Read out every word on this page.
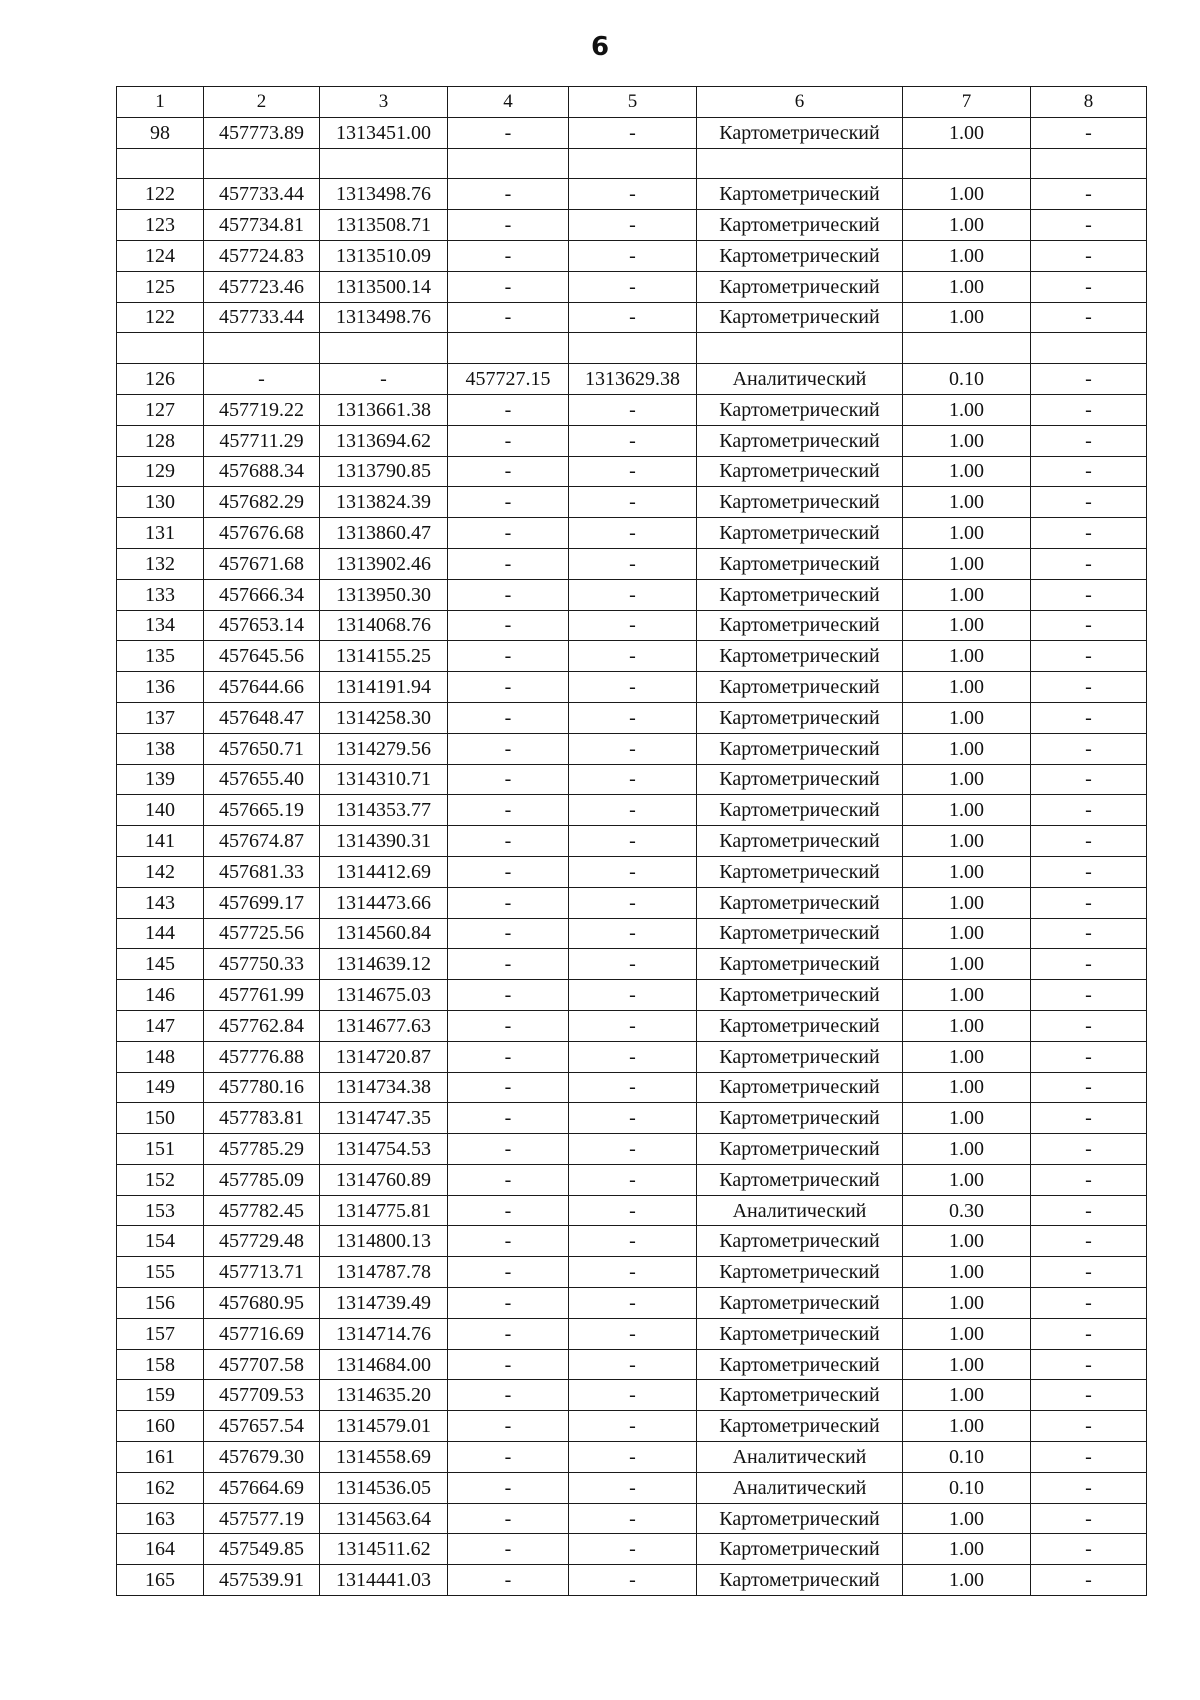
6
1	2	3	4	5	6	7	8
98	457773.89	1313451.00	-	-	Картометрический	1.00	-

122	457733.44	1313498.76	-	-	Картометрический	1.00	-
123	457734.81	1313508.71	-	-	Картометрический	1.00	-
124	457724.83	1313510.09	-	-	Картометрический	1.00	-
125	457723.46	1313500.14	-	-	Картометрический	1.00	-
122	457733.44	1313498.76	-	-	Картометрический	1.00	-

126	-	-	457727.15	1313629.38	Аналитический	0.10	-
127	457719.22	1313661.38	-	-	Картометрический	1.00	-
128	457711.29	1313694.62	-	-	Картометрический	1.00	-
129	457688.34	1313790.85	-	-	Картометрический	1.00	-
130	457682.29	1313824.39	-	-	Картометрический	1.00	-
131	457676.68	1313860.47	-	-	Картометрический	1.00	-
132	457671.68	1313902.46	-	-	Картометрический	1.00	-
133	457666.34	1313950.30	-	-	Картометрический	1.00	-
134	457653.14	1314068.76	-	-	Картометрический	1.00	-
135	457645.56	1314155.25	-	-	Картометрический	1.00	-
136	457644.66	1314191.94	-	-	Картометрический	1.00	-
137	457648.47	1314258.30	-	-	Картометрический	1.00	-
138	457650.71	1314279.56	-	-	Картометрический	1.00	-
139	457655.40	1314310.71	-	-	Картометрический	1.00	-
140	457665.19	1314353.77	-	-	Картометрический	1.00	-
141	457674.87	1314390.31	-	-	Картометрический	1.00	-
142	457681.33	1314412.69	-	-	Картометрический	1.00	-
143	457699.17	1314473.66	-	-	Картометрический	1.00	-
144	457725.56	1314560.84	-	-	Картометрический	1.00	-
145	457750.33	1314639.12	-	-	Картометрический	1.00	-
146	457761.99	1314675.03	-	-	Картометрический	1.00	-
147	457762.84	1314677.63	-	-	Картометрический	1.00	-
148	457776.88	1314720.87	-	-	Картометрический	1.00	-
149	457780.16	1314734.38	-	-	Картометрический	1.00	-
150	457783.81	1314747.35	-	-	Картометрический	1.00	-
151	457785.29	1314754.53	-	-	Картометрический	1.00	-
152	457785.09	1314760.89	-	-	Картометрический	1.00	-
153	457782.45	1314775.81	-	-	Аналитический	0.30	-
154	457729.48	1314800.13	-	-	Картометрический	1.00	-
155	457713.71	1314787.78	-	-	Картометрический	1.00	-
156	457680.95	1314739.49	-	-	Картометрический	1.00	-
157	457716.69	1314714.76	-	-	Картометрический	1.00	-
158	457707.58	1314684.00	-	-	Картометрический	1.00	-
159	457709.53	1314635.20	-	-	Картометрический	1.00	-
160	457657.54	1314579.01	-	-	Картометрический	1.00	-
161	457679.30	1314558.69	-	-	Аналитический	0.10	-
162	457664.69	1314536.05	-	-	Аналитический	0.10	-
163	457577.19	1314563.64	-	-	Картометрический	1.00	-
164	457549.85	1314511.62	-	-	Картометрический	1.00	-
165	457539.91	1314441.03	-	-	Картометрический	1.00	-
